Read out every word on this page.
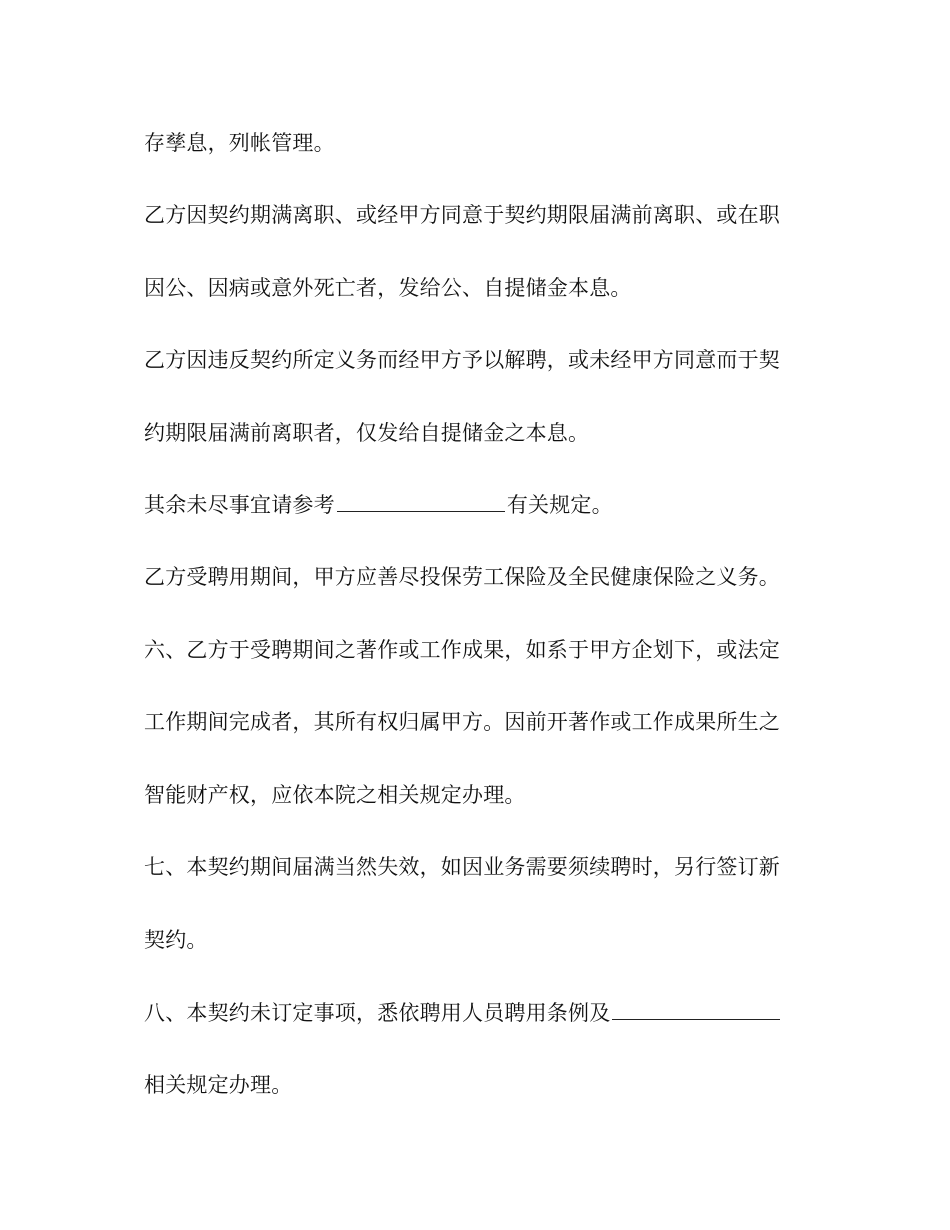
存孳息，列帐管理。
乙方因契约期满离职、或经甲方同意于契约期限届满前离职、或在职
因公、因病或意外死亡者，发给公、自提储金本息。
乙方因违反契约所定义务而经甲方予以解聘，或未经甲方同意而于契
约期限届满前离职者，仅发给自提储金之本息。
其余未尽事宜请参考	有关规定。
乙方受聘用期间，甲方应善尽投保劳工保险及全民健康保险之义务。
六、乙方于受聘期间之著作或工作成果，如系于甲方企划下，或法定
工作期间完成者，其所有权归属甲方。因前开著作或工作成果所生之
智能财产权，应依本院之相关规定办理。
七、本契约期间届满当然失效，如因业务需要须续聘时，另行签订新
契约。
八、本契约未订定事项，悉依聘用人员聘用条例及
相关规定办理。
